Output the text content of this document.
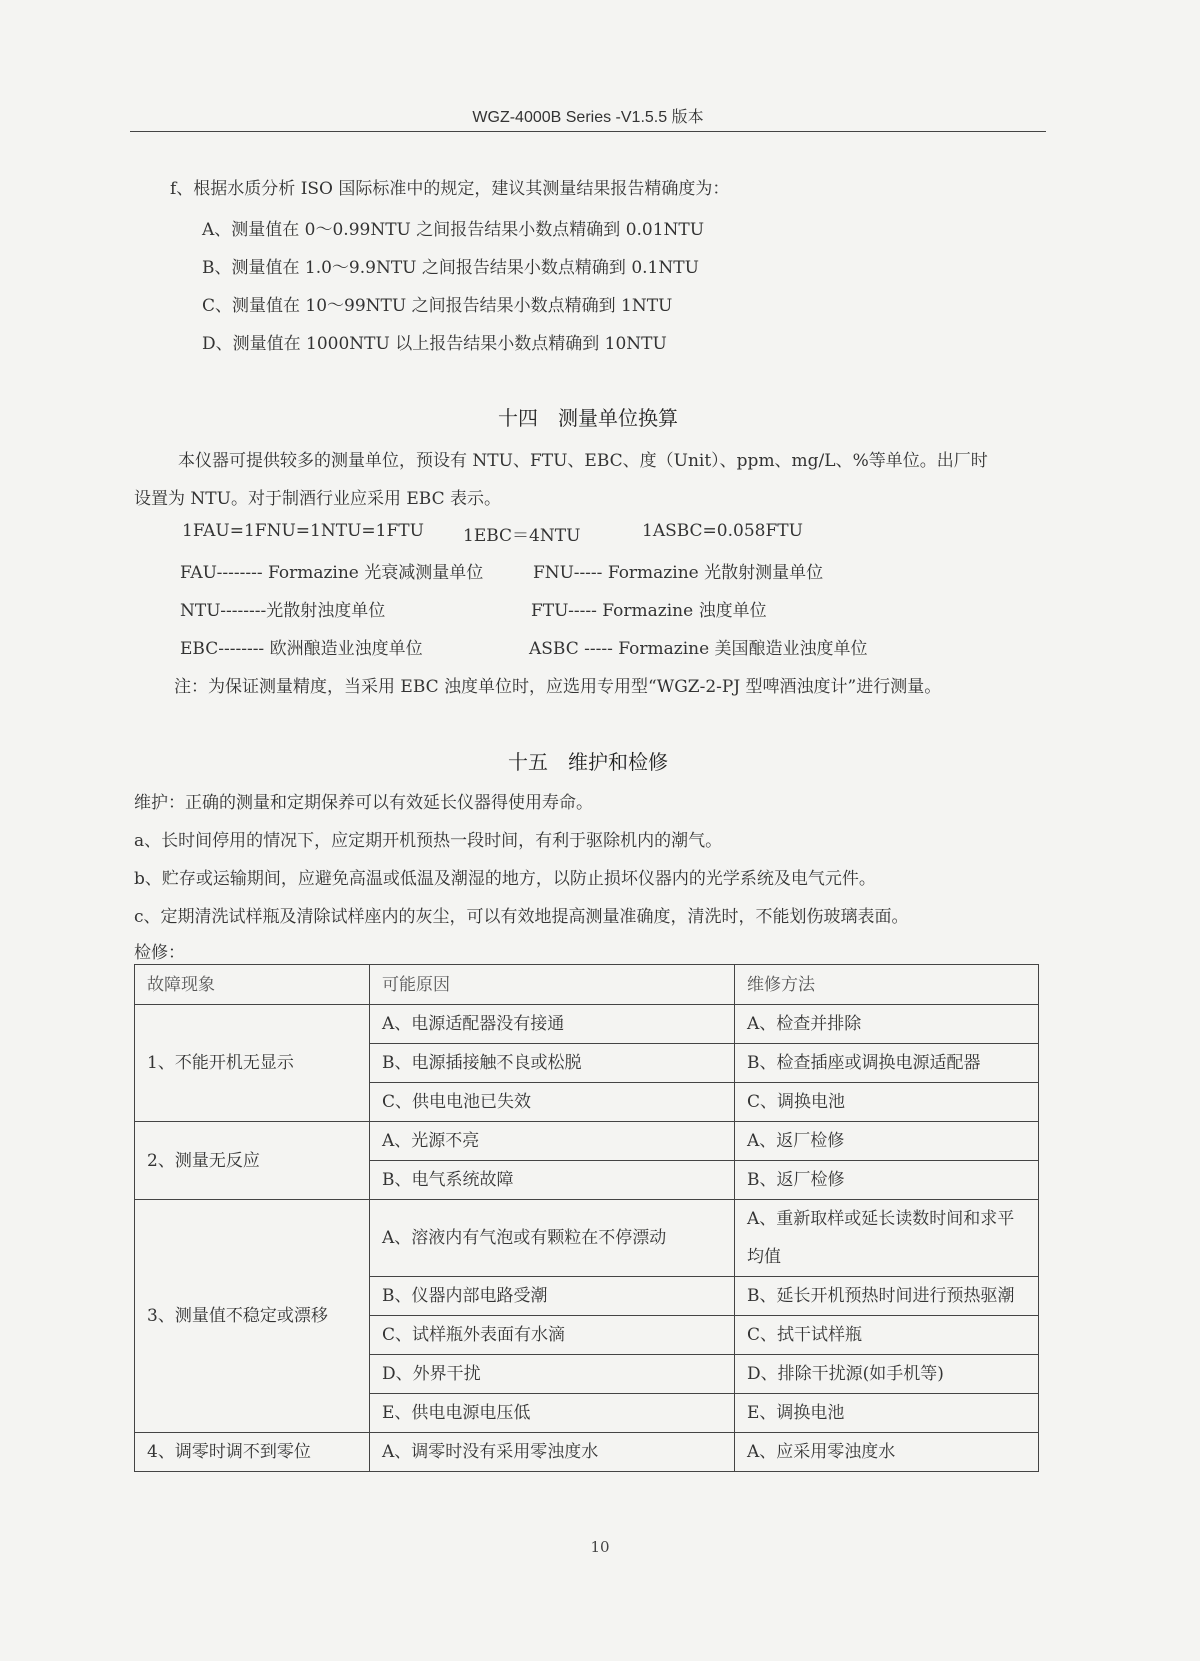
WGZ-4000B Series -V1.5.5 版本
f、根据水质分析 ISO 国际标准中的规定，建议其测量结果报告精确度为：
A、测量值在 0～0.99NTU 之间报告结果小数点精确到 0.01NTU
B、测量值在 1.0～9.9NTU 之间报告结果小数点精确到 0.1NTU
C、测量值在 10～99NTU 之间报告结果小数点精确到 1NTU
D、测量值在 1000NTU 以上报告结果小数点精确到 10NTU
十四　测量单位换算
本仪器可提供较多的测量单位，预设有 NTU、FTU、EBC、度（Unit）、ppm、mg/L、%等单位。出厂时
设置为 NTU。对于制酒行业应采用 EBC 表示。
1FAU=1FNU=1NTU=1FTU 1EBC＝4NTU	1ASBC=0.058FTU
FAU-------- Formazine 光衰减测量单位	FNU----- Formazine 光散射测量单位
NTU--------光散射浊度单位	FTU----- Formazine 浊度单位
EBC-------- 欧洲酿造业浊度单位	ASBC ----- Formazine 美国酿造业浊度单位
注：为保证测量精度，当采用 EBC 浊度单位时，应选用专用型“WGZ-2-PJ 型啤酒浊度计”进行测量。
十五　维护和检修
维护：正确的测量和定期保养可以有效延长仪器得使用寿命。
a、长时间停用的情况下，应定期开机预热一段时间，有利于驱除机内的潮气。
b、贮存或运输期间，应避免高温或低温及潮湿的地方，以防止损坏仪器内的光学系统及电气元件。
c、定期清洗试样瓶及清除试样座内的灰尘，可以有效地提高测量准确度，清洗时，不能划伤玻璃表面。
检修：
故障现象	可能原因	维修方法
1、不能开机无显示	A、电源适配器没有接通	A、检查并排除
	B、电源插接触不良或松脱	B、检查插座或调换电源适配器
	C、供电电池已失效	C、调换电池
2、测量无反应	A、光源不亮	A、返厂检修
	B、电气系统故障	B、返厂检修
3、测量值不稳定或漂移	A、溶液内有气泡或有颗粒在不停漂动	A、重新取样或延长读数时间和求平均值
	B、仪器内部电路受潮	B、延长开机预热时间进行预热驱潮
	C、试样瓶外表面有水滴	C、拭干试样瓶
	D、外界干扰	D、排除干扰源(如手机等)
	E、供电电源电压低	E、调换电池
4、调零时调不到零位	A、调零时没有采用零浊度水	A、应采用零浊度水
10
